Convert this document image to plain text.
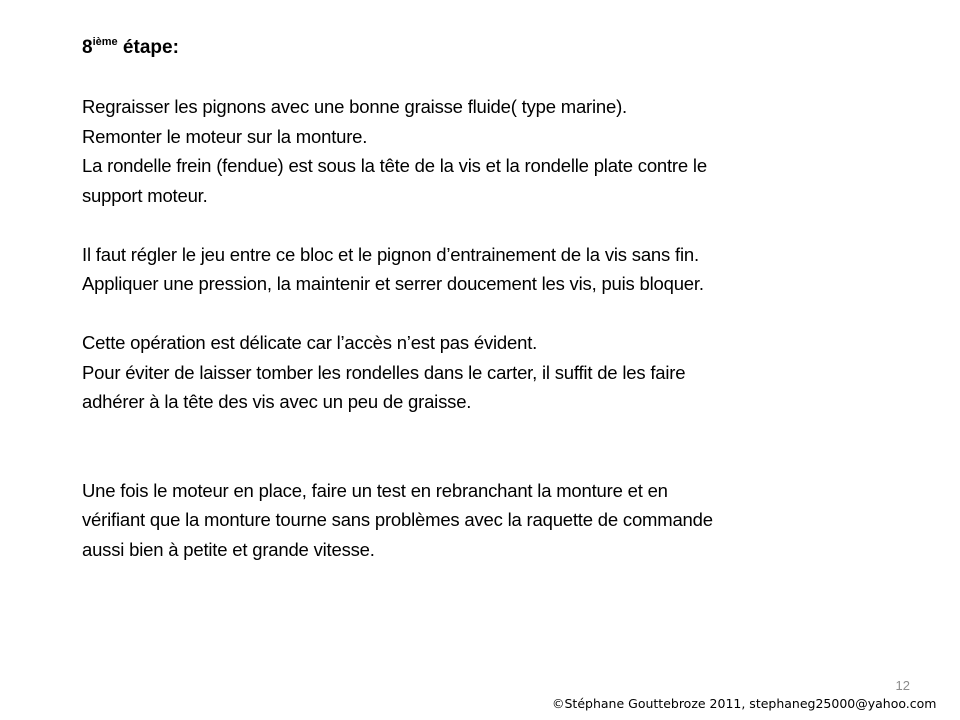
8ième étape:

Regraisser les pignons avec une bonne graisse fluide( type marine).
Remonter le moteur sur la monture.
La rondelle frein (fendue) est sous la tête de la vis et la rondelle plate contre le
support moteur.

Il faut régler le jeu entre ce bloc et le pignon d’entrainement de la vis sans fin.
Appliquer une pression, la maintenir et serrer doucement les vis, puis bloquer.

Cette opération est délicate car l’accès n’est pas évident.
Pour éviter de laisser tomber les rondelles dans le carter, il suffit de les faire
adhérer à la tête des vis avec un peu de graisse.

Une fois le moteur en place, faire un test en rebranchant la monture et en
vérifiant que la monture tourne sans problèmes avec la raquette de commande
aussi bien à petite et grande vitesse.

12
©Stéphane Gouttebroze 2011, stephaneg25000@yahoo.com
